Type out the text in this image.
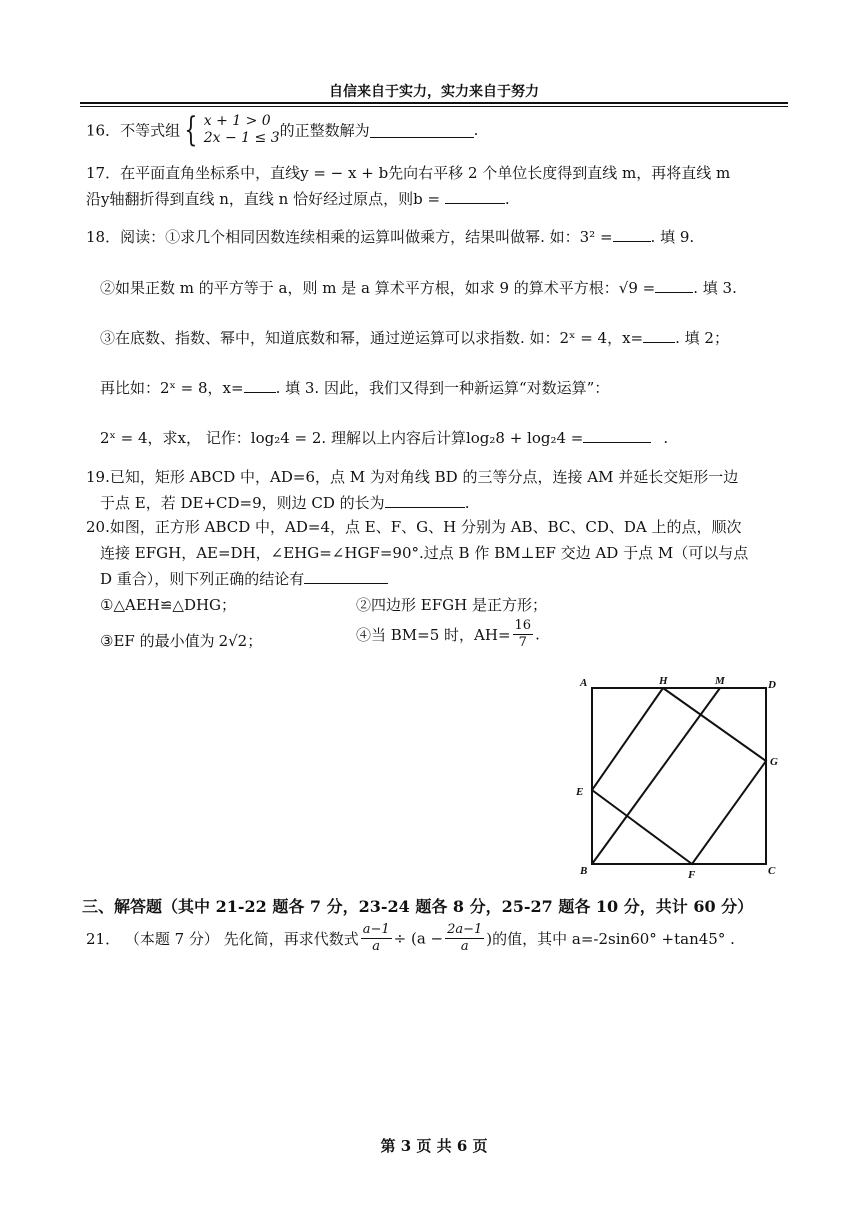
自信来自于实力，实力来自于努力
16．不等式组 { x + 1 > 0
2x − 1 ≤ 3 的正整数解为	.
17．在平面直角坐标系中，直线y = − x + b先向右平移 2 个单位长度得到直线 m，再将直线 m
沿y轴翻折得到直线 n，直线 n 恰好经过原点，则b =	.
18．阅读：①求几个相同因数连续相乘的运算叫做乘方，结果叫做幂. 如：3² =	. 填 9.
②如果正数 m 的平方等于 a，则 m 是 a 算术平方根，如求 9 的算术平方根：√9 =	. 填 3.
③在底数、指数、幂中，知道底数和幂，通过逆运算可以求指数. 如：2ˣ = 4，x= . 填 2；
再比如：2ˣ = 8，x= . 填 3. 因此，我们又得到一种新运算“对数运算”：
2ˣ = 4，求x， 记作：log₂4 = 2. 理解以上内容后计算log₂8 + log₂4 =	.
19.已知，矩形 ABCD 中，AD=6，点 M 为对角线 BD 的三等分点，连接 AM 并延长交矩形一边
于点 E，若 DE+CD=9，则边 CD 的长为	.
20.如图，正方形 ABCD 中，AD=4，点 E、F、G、H 分别为 AB、BC、CD、DA 上的点，顺次
连接 EFGH，AE=DH，∠EHG=∠HGF=90°.过点 B 作 BM⊥EF 交边 AD 于点 M（可以与点
D 重合），则下列正确的结论有
①△AEH≌△DHG；	②四边形 EFGH 是正方形；
③EF 的最小值为 2√2；	④当 BM=5 时，$AH= \frac{16}{7}$ .
A	H	M	D
G
E
B	F	C
三、解答题（其中 21-22 题各 7 分，23-24 题各 8 分，25-27 题各 10 分，共计 60 分）
21． （本题 7 分） 先化简，再求代数式 $\frac{a-1}{a} \div (a - \frac{2a-1}{a}$ )的值，其中 a=-2sin60° +tan45° .
第 3 页 共 6 页
